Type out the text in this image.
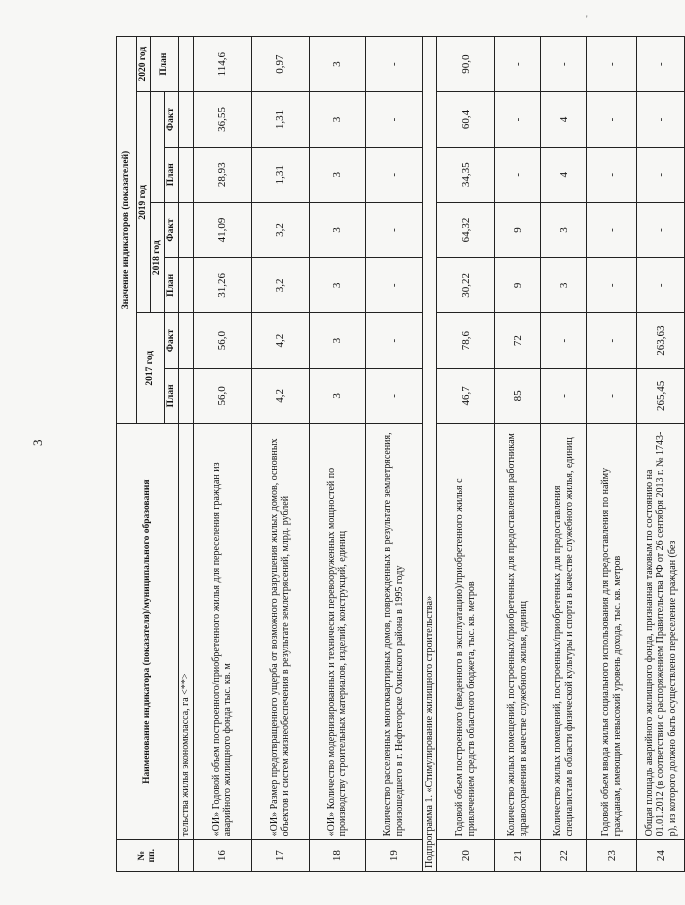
3
'
№ пп.	Наименование индикатора (показателя)/муниципального образования	Значение индикаторов (показателей)						
		2017 год		2019 год				2020 год
				2018 год				План
		План	Факт	План	Факт	План	Факт	
	тельства жилья экономкласса, га <**>							
16	«ОИ» Годовой объем построенного/приобретенного жилья для переселения граждан из аварийного жилищного фонда тыс. кв. м	56,0	56,0	31,26	41,09	28,93	36,55	114,6
17	«ОИ» Размер предотвращенного ущерба от возможного разрушения жилых домов, основных объектов и систем жизнеобеспечения в результате землетрясений, млрд. рублей	4,2	4,2	3,2	3,2	1,31	1,31	0,97
18	«ОИ» Количество модернизированных и технически перевооруженных мощностей по производству строительных материалов, изделий, конструкций, единиц	3	3	3	3	3	3	3
19	Количество расселенных многоквартирных домов, поврежденных в результате землетрясения, произошедшего в г. Нефтегорске Охинского района в 1995 году	-	-	-	-	-	-	-
Подпрограмма 1. «Стимулирование жилищного строительства»								
20	Годовой объем построенного (введенного в эксплуатацию)/приобретенного жилья с привлечением средств областного бюджета, тыс. кв. метров	46,7	78,6	30,22	64,32	34,35	60,4	90,0
21	Количество жилых помещений, построенных/приобретенных для предоставления работникам здравоохранения в качестве служебного жилья, единиц	85	72	9	9	-	-	-
22	Количество жилых помещений, построенных/приобретенных для предоставления специалистам в области физической культуры и спорта в качестве служебного жилья, единиц	-	-	3	3	4	4	-
23	Годовой объем ввода жилья социального использования для предоставления по найму гражданам, имеющим невысокий уровень дохода, тыс. кв. метров	-	-	-	-	-	-	-
24	Общая площадь аварийного жилищного фонда, признанная таковым по состоянию на 01.01.2012 (в соответствии с распоряжением Правительства РФ от 26 сентября 2013 г. № 1743-р), из которого должно быть осуществлено переселение граждан (без	265,45	263,63	-	-	-	-	-
